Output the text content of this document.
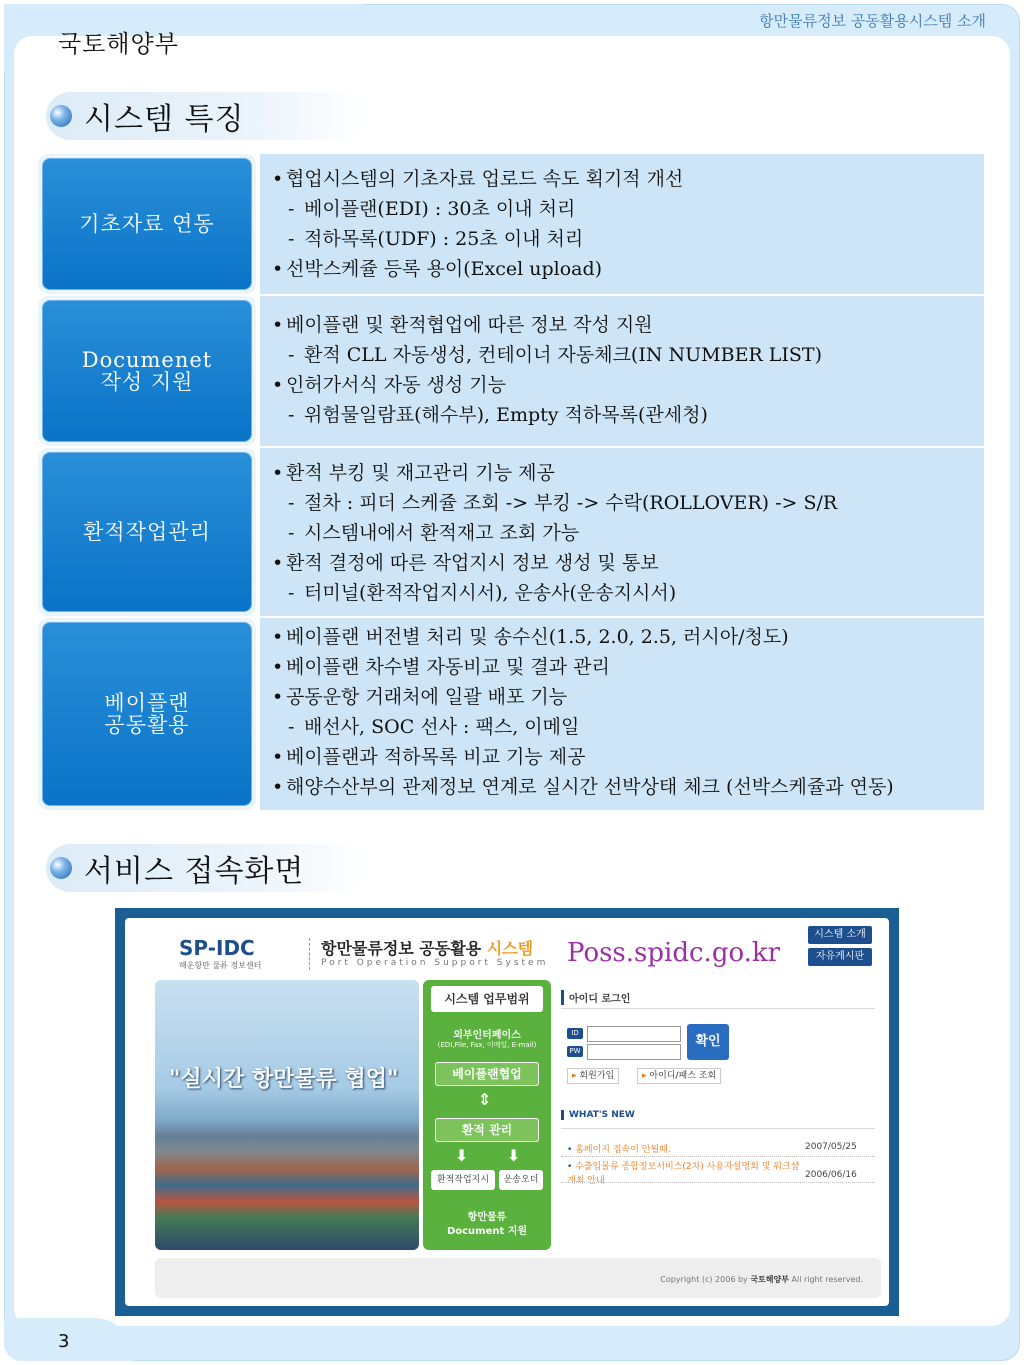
국토해양부
항만물류정보 공동활용시스템 소개
시스템 특징
기초자료 연동
• 협업시스템의 기초자료 업로드 속도 획기적 개선
- 베이플랜(EDI) : 30초 이내 처리
- 적하목록(UDF) : 25초 이내 처리
• 선박스케쥴 등록 용이(Excel upload)
Documenet
작성 지원
• 베이플랜 및 환적협업에 따른 정보 작성 지원
- 환적 CLL 자동생성, 컨테이너 자동체크(IN NUMBER LIST)
• 인허가서식 자동 생성 기능
- 위험물일람표(해수부), Empty 적하목록(관세청)
환적작업관리
• 환적 부킹 및 재고관리 기능 제공
- 절차 : 피더 스케쥴 조회 -> 부킹 -> 수락(ROLLOVER) -> S/R
- 시스템내에서 환적재고 조회 가능
• 환적 결정에 따른 작업지시 정보 생성 및 통보
- 터미널(환적작업지시서), 운송사(운송지시서)
베이플랜
공동활용
• 베이플랜 버전별 처리 및 송수신(1.5, 2.0, 2.5, 러시아/청도)
• 베이플랜 차수별 자동비교 및 결과 관리
• 공동운항 거래처에 일괄 배포 기능
- 배선사, SOC 선사 : 팩스, 이메일
• 베이플랜과 적하목록 비교 기능 제공
• 해양수산부의 관제정보 연계로 실시간 선박상태 체크 (선박스케쥴과 연동)
서비스 접속화면
SP-IDC
해운항만 물류 정보센터
항만물류정보 공동활용 시스템
Port Operation Support System Poss.spidc.go.kr
시스템 소개
자유게시판
"실시간 항만물류 협업"
시스템 업무범위
외부인터페이스
(EDI,File, Fax, 이메일, E-mail)
베이플랜협업
⇕
환적 관리
⬇ ⬇
환적작업지시	운송오더
항만물류
Document 지원
아이디 로그인
ID
PW
확인
▸ 회원가입	▸ 아이디/패스 조회
WHAT'S NEW
• 홈페이지 접속이 안될때.	2007/05/25
• 수출입물류 종합정보서비스(2차) 사용자설명회 및 워크샵 개최 안내
2006/06/16
Copyright (c) 2006 by 국토해양부 All right reserved.
3
